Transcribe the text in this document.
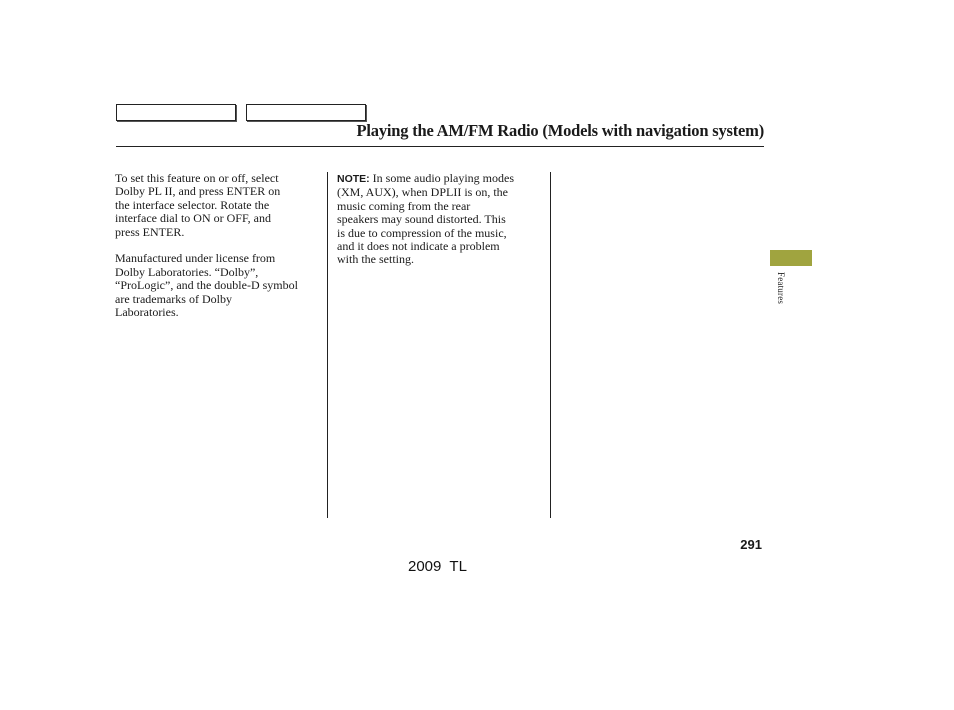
Playing the AM/FM Radio (Models with navigation system)

To set this feature on or off, select
Dolby PL II, and press ENTER on
the interface selector. Rotate the
interface dial to ON or OFF, and
press ENTER.

Manufactured under license from
Dolby Laboratories. “Dolby”,
“ProLogic”, and the double-D symbol
are trademarks of Dolby
Laboratories.

NOTE: In some audio playing modes
(XM, AUX), when DPLII is on, the
music coming from the rear
speakers may sound distorted. This
is due to compression of the music,
and it does not indicate a problem
with the setting.

Features
291
2009  TL
